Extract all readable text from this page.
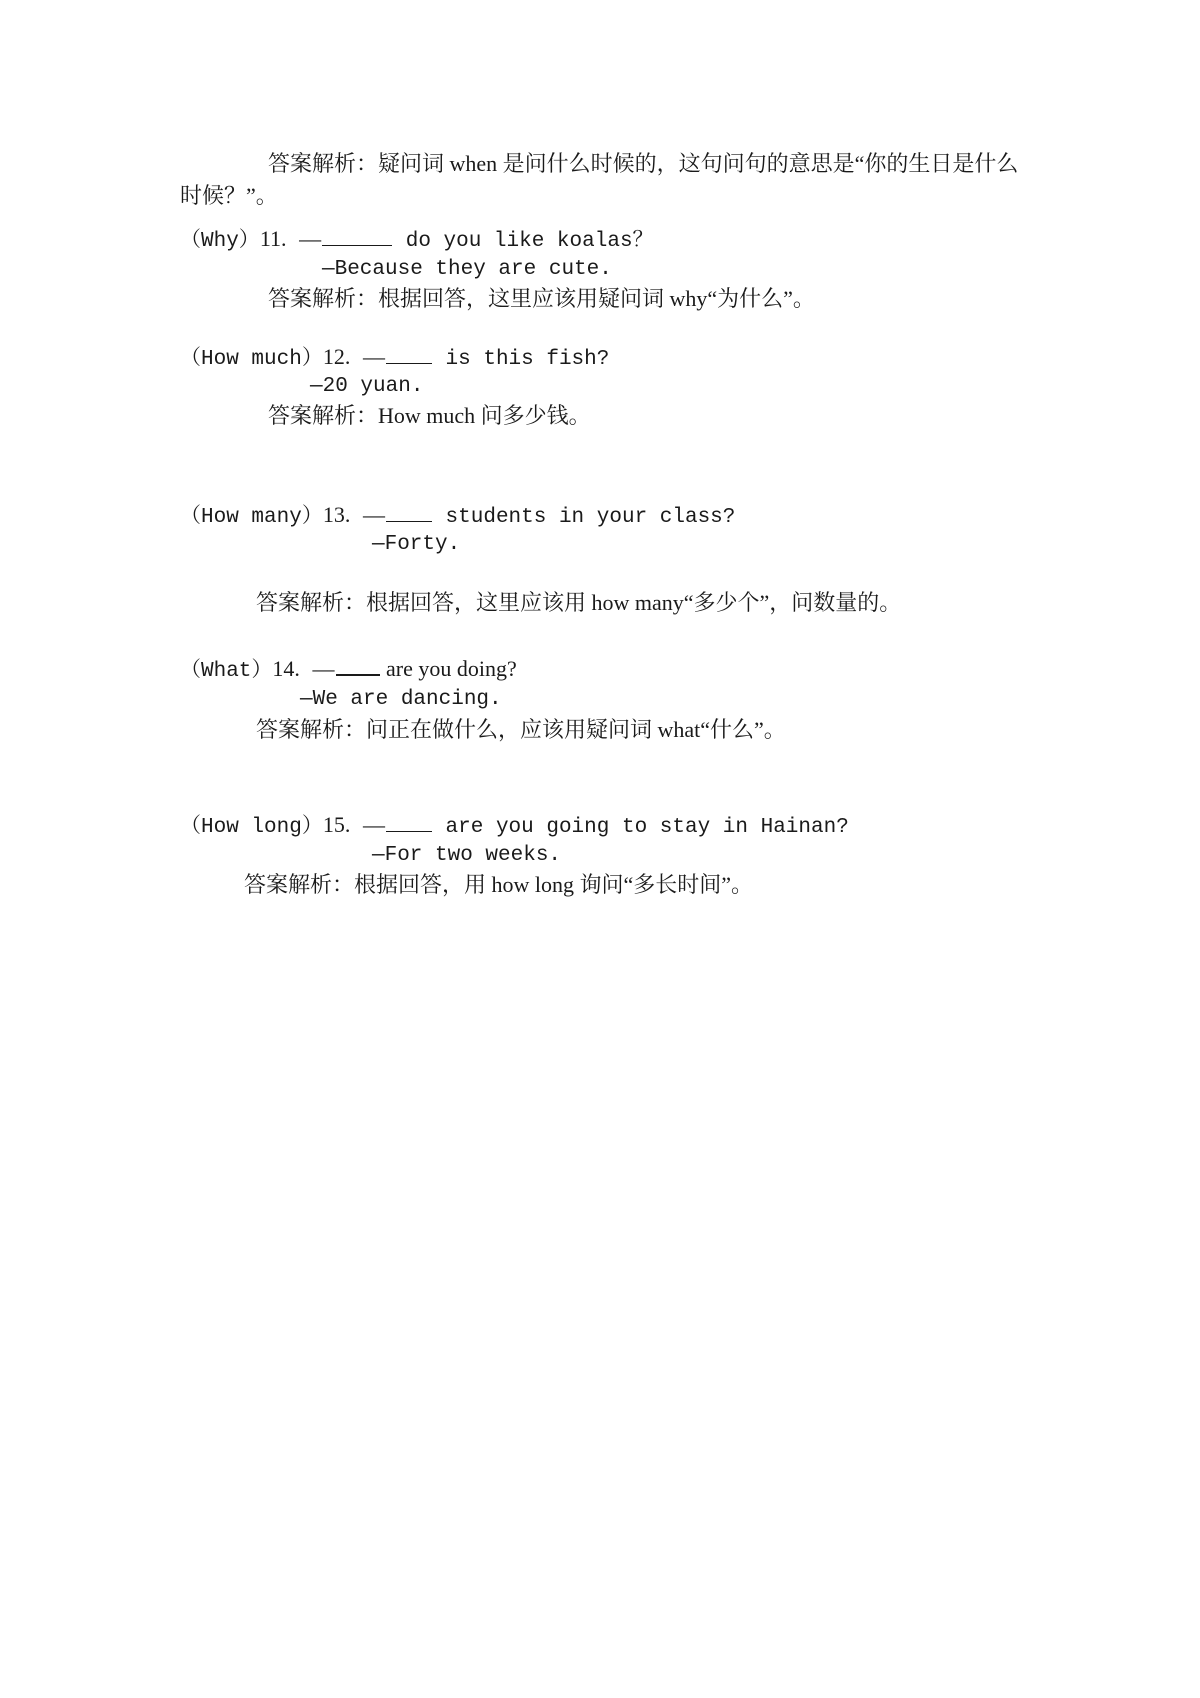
答案解析：疑问词 when 是问什么时候的，这句问句的意思是“你的生日是什么时候？”。
（Why）11. —	do you like koalas？
—Because they are cute.
答案解析：根据回答，这里应该用疑问词 why“为什么”。
（How much）12. — is this fish?
—20 yuan.
答案解析：How much 问多少钱。
（How many）13. — students in your class?
—Forty.
答案解析：根据回答，这里应该用 how many“多少个”，问数量的。
（What）14. — are you doing?
—We are dancing.
答案解析：问正在做什么，应该用疑问词 what“什么”。
（How long）15. — are you going to stay in Hainan?
—For two weeks.
答案解析：根据回答，用 how long 询问“多长时间”。
